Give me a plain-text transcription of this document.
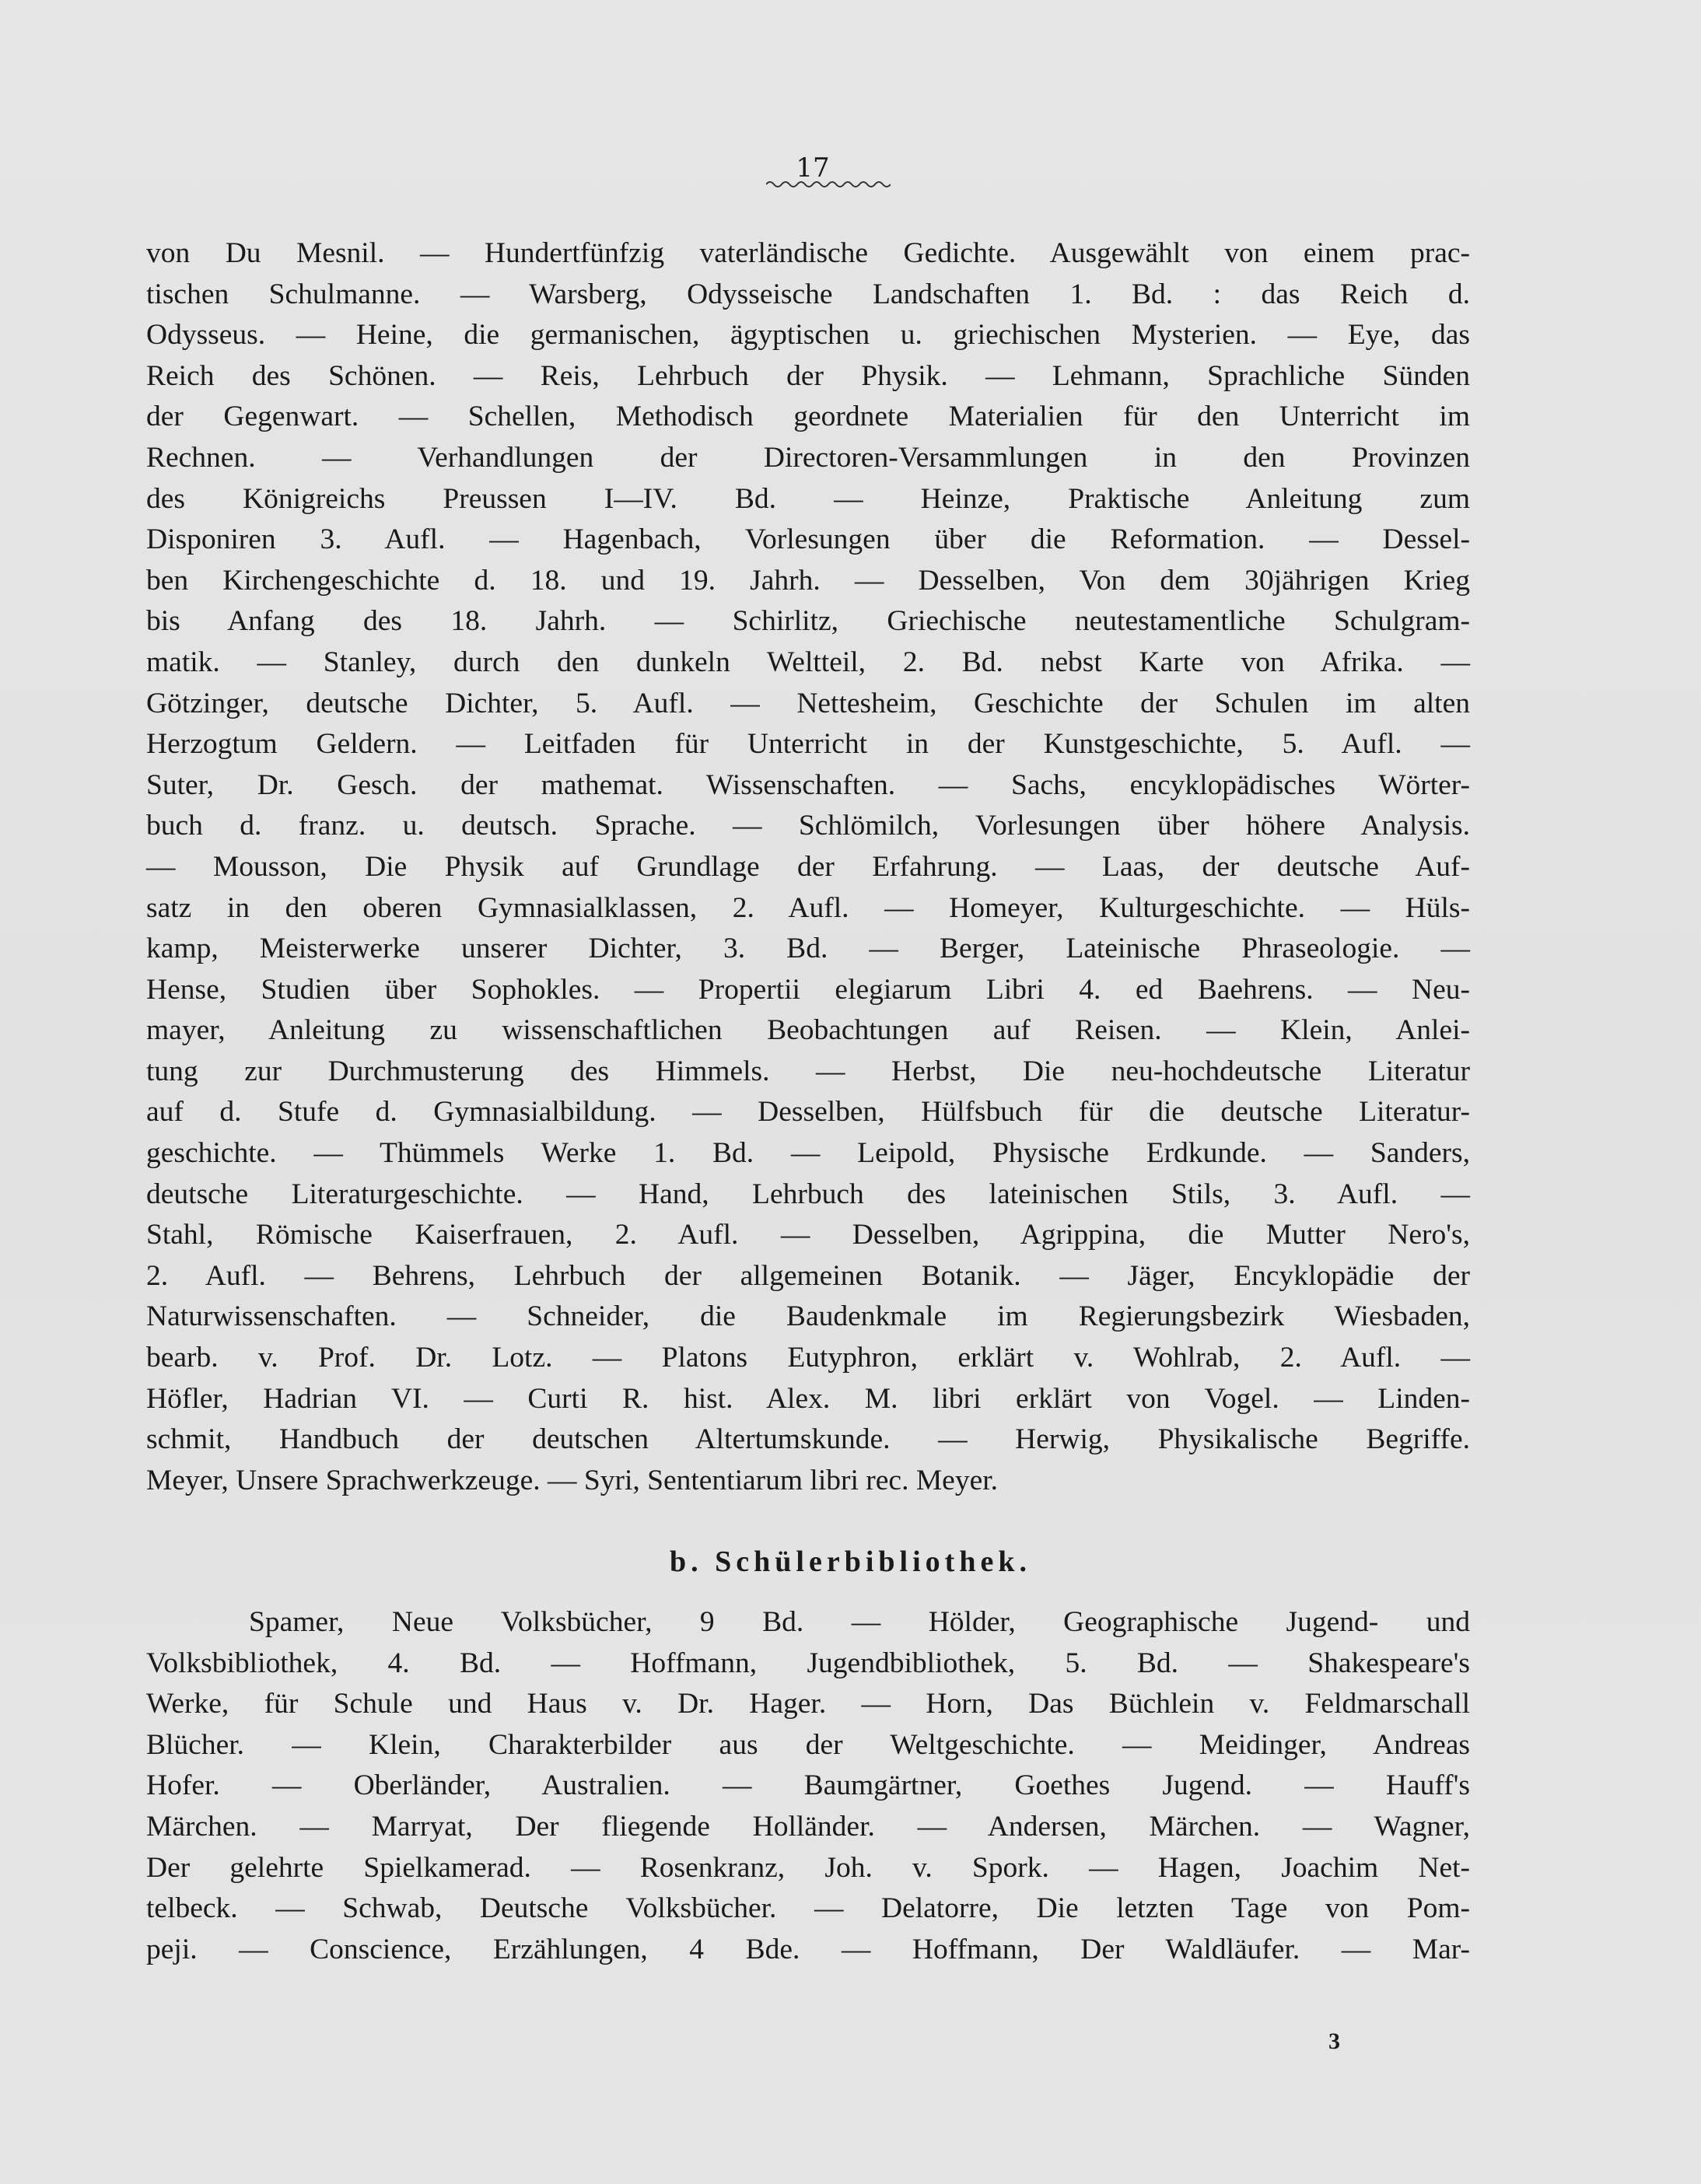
17
von Du Mesnil. — Hundertfünfzig vaterländische Gedichte. Ausgewählt von einem prac-
tischen Schulmanne. — Warsberg, Odysseische Landschaften 1. Bd. : das Reich d.
Odysseus. — Heine, die germanischen, ägyptischen u. griechischen Mysterien. — Eye, das
Reich des Schönen. — Reis, Lehrbuch der Physik. — Lehmann, Sprachliche Sünden
der Gegenwart. — Schellen, Methodisch geordnete Materialien für den Unterricht im
Rechnen. — Verhandlungen der Directoren-Versammlungen in den Provinzen
des Königreichs Preussen I—IV. Bd. — Heinze, Praktische Anleitung zum
Disponiren 3. Aufl. — Hagenbach, Vorlesungen über die Reformation. — Dessel-
ben Kirchengeschichte d. 18. und 19. Jahrh. — Desselben, Von dem 30jährigen Krieg
bis Anfang des 18. Jahrh. — Schirlitz, Griechische neutestamentliche Schulgram-
matik. — Stanley, durch den dunkeln Weltteil, 2. Bd. nebst Karte von Afrika. —
Götzinger, deutsche Dichter, 5. Aufl. — Nettesheim, Geschichte der Schulen im alten
Herzogtum Geldern. — Leitfaden für Unterricht in der Kunstgeschichte, 5. Aufl. —
Suter, Dr. Gesch. der mathemat. Wissenschaften. — Sachs, encyklopädisches Wörter-
buch d. franz. u. deutsch. Sprache. — Schlömilch, Vorlesungen über höhere Analysis.
— Mousson, Die Physik auf Grundlage der Erfahrung. — Laas, der deutsche Auf-
satz in den oberen Gymnasialklassen, 2. Aufl. — Homeyer, Kulturgeschichte. — Hüls-
kamp, Meisterwerke unserer Dichter, 3. Bd. — Berger, Lateinische Phraseologie. —
Hense, Studien über Sophokles. — Propertii elegiarum Libri 4. ed Baehrens. — Neu-
mayer, Anleitung zu wissenschaftlichen Beobachtungen auf Reisen. — Klein, Anlei-
tung zur Durchmusterung des Himmels. — Herbst, Die neu-hochdeutsche Literatur
auf d. Stufe d. Gymnasialbildung. — Desselben, Hülfsbuch für die deutsche Literatur-
geschichte. — Thümmels Werke 1. Bd. — Leipold, Physische Erdkunde. — Sanders,
deutsche Literaturgeschichte. — Hand, Lehrbuch des lateinischen Stils, 3. Aufl. —
Stahl, Römische Kaiserfrauen, 2. Aufl. — Desselben, Agrippina, die Mutter Nero's,
2. Aufl. — Behrens, Lehrbuch der allgemeinen Botanik. — Jäger, Encyklopädie der
Naturwissenschaften. — Schneider, die Baudenkmale im Regierungsbezirk Wiesbaden,
bearb. v. Prof. Dr. Lotz. — Platons Eutyphron, erklärt v. Wohlrab, 2. Aufl. —
Höfler, Hadrian VI. — Curti R. hist. Alex. M. libri erklärt von Vogel. — Linden-
schmit, Handbuch der deutschen Altertumskunde. — Herwig, Physikalische Begriffe.
Meyer, Unsere Sprachwerkzeuge. — Syri, Sententiarum libri rec. Meyer.
b. Schülerbibliothek.
Spamer, Neue Volksbücher, 9 Bd. — Hölder, Geographische Jugend- und
Volksbibliothek, 4. Bd. — Hoffmann, Jugendbibliothek, 5. Bd. — Shakespeare's
Werke, für Schule und Haus v. Dr. Hager. — Horn, Das Büchlein v. Feldmarschall
Blücher. — Klein, Charakterbilder aus der Weltgeschichte. — Meidinger, Andreas
Hofer. — Oberländer, Australien. — Baumgärtner, Goethes Jugend. — Hauff's
Märchen. — Marryat, Der fliegende Holländer. — Andersen, Märchen. — Wagner,
Der gelehrte Spielkamerad. — Rosenkranz, Joh. v. Spork. — Hagen, Joachim Net-
telbeck. — Schwab, Deutsche Volksbücher. — Delatorre, Die letzten Tage von Pom-
peji. — Conscience, Erzählungen, 4 Bde. — Hoffmann, Der Waldläufer. — Mar-
3
